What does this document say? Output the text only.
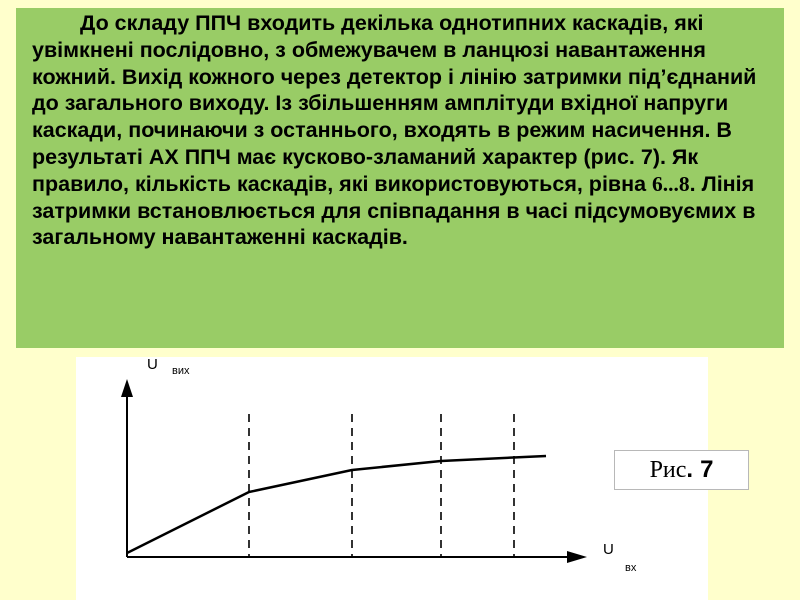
До складу ППЧ входить декілька однотипних каскадів, які увімкнені послідовно, з обмежувачем в ланцюзі навантаження кожний. Вихід кожного через детектор і лінію затримки під’єднаний до загального виходу. Із збільшенням амплітуди вхідної напруги каскади, починаючи з останнього, входять в режим насичення. В результаті АХ ППЧ має кусково-зламаний характер (рис. 7). Як правило, кількість каскадів, які використовуються, рівна 6...8. Лінія затримки встановлюється для співпадання в часі підсумовуємих в загальному навантаженні каскадів.

U вих
U
вх
Рис . 7
